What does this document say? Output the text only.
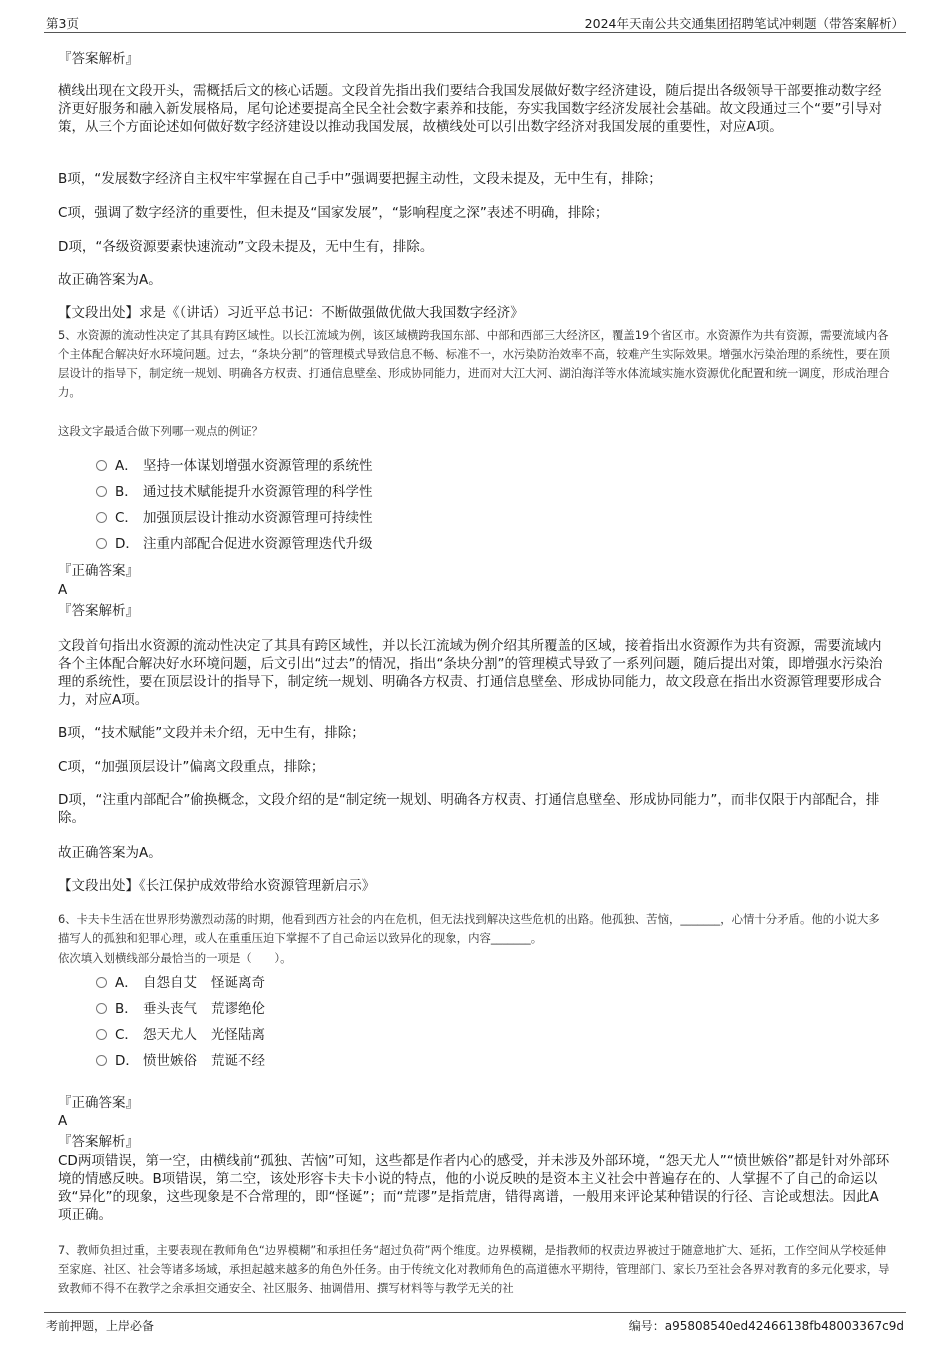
第3页	2024年天南公共交通集团招聘笔试冲刺题（带答案解析）
『答案解析』
横线出现在文段开头，需概括后文的核心话题。文段首先指出我们要结合我国发展做好数字经济建设，随后提出各级领导干部要推动数字经济更好服务和融入新发展格局，尾句论述要提高全民全社会数字素养和技能，夯实我国数字经济发展社会基础。故文段通过三个“要”引导对策，从三个方面论述如何做好数字经济建设以推动我国发展，故横线处可以引出数字经济对我国发展的重要性，对应A项。
B项，“发展数字经济自主权牢牢掌握在自己手中”强调要把握主动性，文段未提及，无中生有，排除；
C项，强调了数字经济的重要性，但未提及“国家发展”，“影响程度之深”表述不明确，排除；
D项，“各级资源要素快速流动”文段未提及，无中生有，排除。
故正确答案为A。
【文段出处】求是《（讲话）习近平总书记：不断做强做优做大我国数字经济》
5、水资源的流动性决定了其具有跨区域性。以长江流域为例，该区域横跨我国东部、中部和西部三大经济区，覆盖19个省区市。水资源作为共有资源，需要流域内各个主体配合解决好水环境问题。过去，“条块分割”的管理模式导致信息不畅、标准不一，水污染防治效率不高，较难产生实际效果。增强水污染治理的系统性，要在顶层设计的指导下，制定统一规划、明确各方权责、打通信息壁垒、形成协同能力，进而对大江大河、湖泊海洋等水体流域实施水资源优化配置和统一调度，形成治理合力。
这段文字最适合做下列哪一观点的例证？
A． 坚持一体谋划增强水资源管理的系统性
B． 通过技术赋能提升水资源管理的科学性
C． 加强顶层设计推动水资源管理可持续性
D． 注重内部配合促进水资源管理迭代升级
『正确答案』
A
『答案解析』
文段首句指出水资源的流动性决定了其具有跨区域性，并以长江流域为例介绍其所覆盖的区域，接着指出水资源作为共有资源，需要流域内各个主体配合解决好水环境问题，后文引出“过去”的情况，指出“条块分割”的管理模式导致了一系列问题，随后提出对策，即增强水污染治理的系统性，要在顶层设计的指导下，制定统一规划、明确各方权责、打通信息壁垒、形成协同能力，故文段意在指出水资源管理要形成合力，对应A项。
B项，“技术赋能”文段并未介绍，无中生有，排除；
C项，“加强顶层设计”偏离文段重点，排除；
D项，“注重内部配合”偷换概念，文段介绍的是“制定统一规划、明确各方权责、打通信息壁垒、形成协同能力”，而非仅限于内部配合，排除。
故正确答案为A。
【文段出处】《长江保护成效带给水资源管理新启示》
6、卡夫卡生活在世界形势激烈动荡的时期，他看到西方社会的内在危机，但无法找到解决这些危机的出路。他孤独、苦恼，_______，心情十分矛盾。他的小说大多描写人的孤独和犯罪心理，或人在重重压迫下掌握不了自己命运以致异化的现象，内容_______。
依次填入划横线部分最恰当的一项是（　　）。
A． 自怨自艾 怪诞离奇
B． 垂头丧气 荒谬绝伦
C． 怨天尤人 光怪陆离
D． 愤世嫉俗 荒诞不经
『正确答案』
A
『答案解析』
CD两项错误，第一空，由横线前“孤独、苦恼”可知，这些都是作者内心的感受，并未涉及外部环境，“怨天尤人”“愤世嫉俗”都是针对外部环境的情感反映。B项错误，第二空，该处形容卡夫卡小说的特点，他的小说反映的是资本主义社会中普遍存在的、人掌握不了自己的命运以致“异化”的现象，这些现象是不合常理的，即“怪诞”；而“荒谬”是指荒唐，错得离谱，一般用来评论某种错误的行径、言论或想法。因此A项正确。
7、教师负担过重，主要表现在教师角色“边界模糊”和承担任务“超过负荷”两个维度。边界模糊，是指教师的权责边界被过于随意地扩大、延拓，工作空间从学校延伸至家庭、社区、社会等诸多场域，承担起越来越多的角色外任务。由于传统文化对教师角色的高道德水平期待，管理部门、家长乃至社会各界对教育的多元化要求，导致教师不得不在教学之余承担交通安全、社区服务、抽调借用、撰写材料等与教学无关的社
考前押题，上岸必备	编号：a95808540ed42466138fb48003367c9d
